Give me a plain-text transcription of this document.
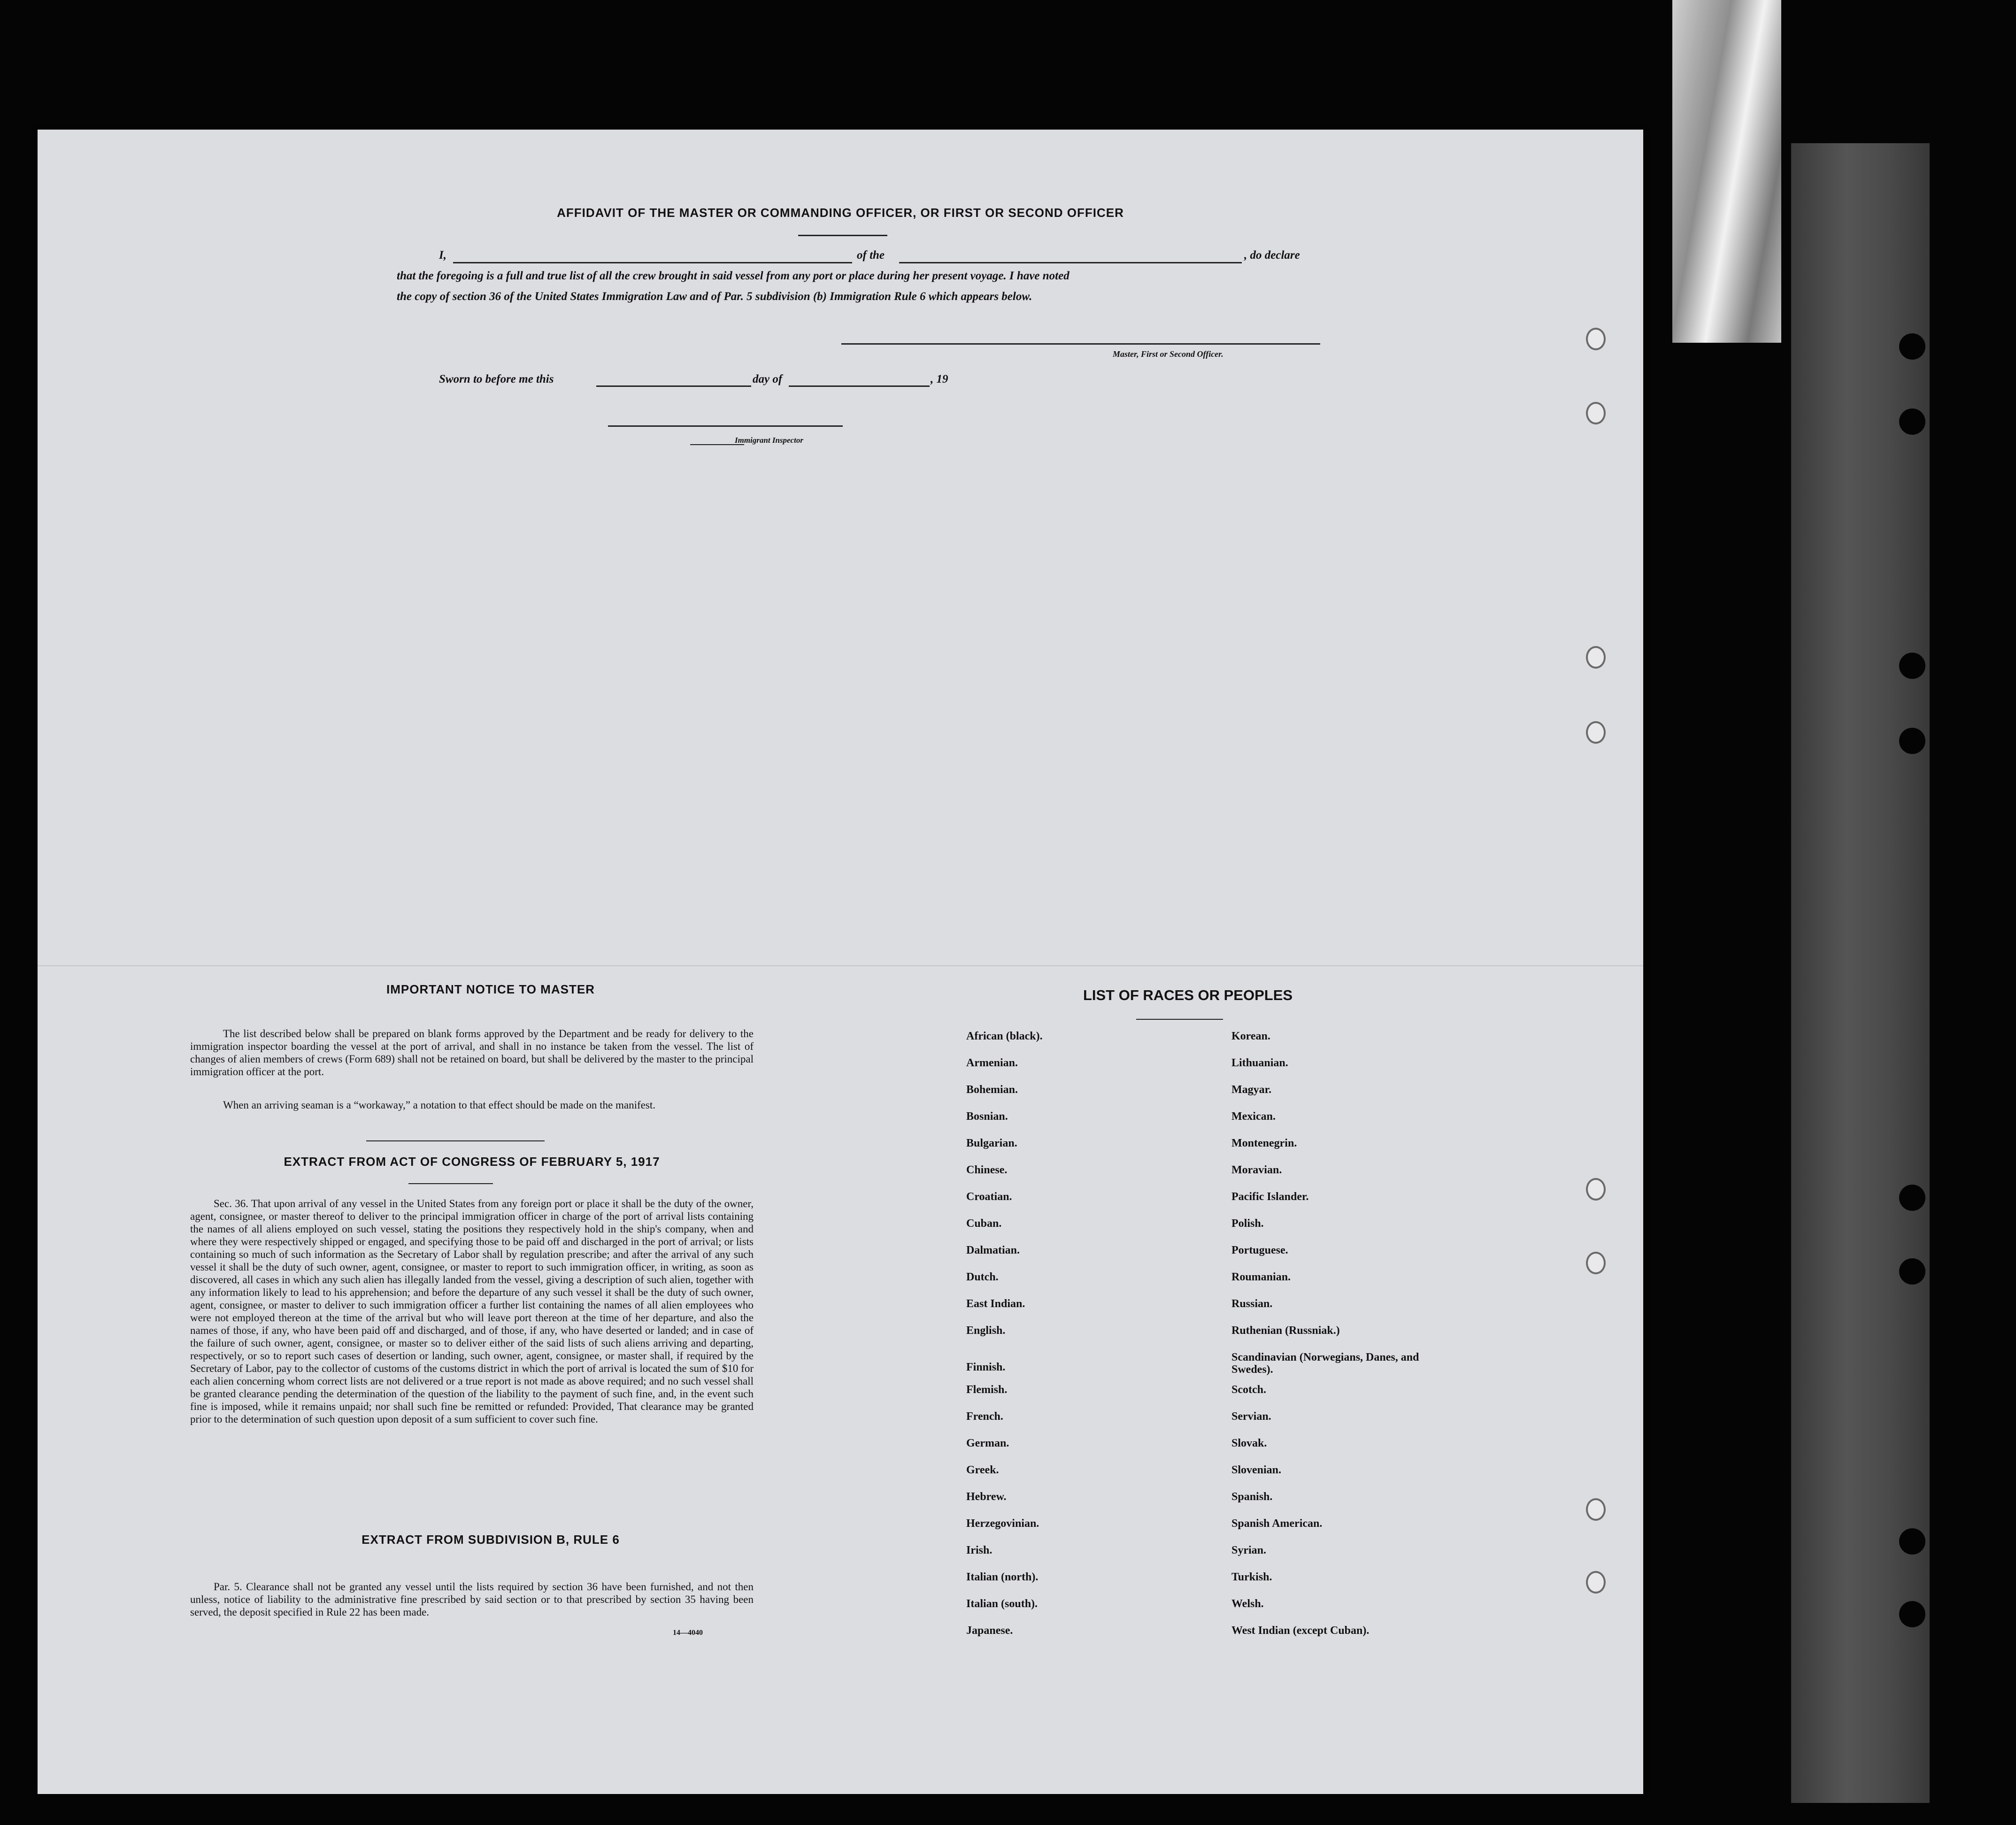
AFFIDAVIT OF THE MASTER OR COMMANDING OFFICER, OR FIRST OR SECOND OFFICER
I,	of the	, do declare
that the foregoing is a full and true list of all the crew brought in said vessel from any port or place during her present voyage. I have noted
the copy of section 36 of the United States Immigration Law and of Par. 5 subdivision (b) Immigration Rule 6 which appears below.
Master, First or Second Officer.
Sworn to before me this	day of	, 19
Immigrant Inspector
IMPORTANT NOTICE TO MASTER
The list described below shall be prepared on blank forms approved by the Department and be ready for delivery to the immigration inspector boarding the vessel at the port of arrival, and shall in no instance be taken from the vessel. The list of changes of alien members of crews (Form 689) shall not be retained on board, but shall be delivered by the master to the principal immigration officer at the port.
When an arriving seaman is a “workaway,” a notation to that effect should be made on the manifest.
EXTRACT FROM ACT OF CONGRESS OF FEBRUARY 5, 1917
Sec. 36. That upon arrival of any vessel in the United States from any foreign port or place it shall be the duty of the owner, agent, consignee, or master thereof to deliver to the principal immigration officer in charge of the port of arrival lists containing the names of all aliens employed on such vessel, stating the positions they respectively hold in the ship's company, when and where they were respectively shipped or engaged, and specifying those to be paid off and discharged in the port of arrival; or lists containing so much of such information as the Secretary of Labor shall by regulation prescribe; and after the arrival of any such vessel it shall be the duty of such owner, agent, consignee, or master to report to such immigration officer, in writing, as soon as discovered, all cases in which any such alien has illegally landed from the vessel, giving a description of such alien, together with any information likely to lead to his apprehension; and before the departure of any such vessel it shall be the duty of such owner, agent, consignee, or master to deliver to such immigration officer a further list containing the names of all alien employees who were not employed thereon at the time of the arrival but who will leave port thereon at the time of her departure, and also the names of those, if any, who have been paid off and discharged, and of those, if any, who have deserted or landed; and in case of the failure of such owner, agent, consignee, or master so to deliver either of the said lists of such aliens arriving and departing, respectively, or so to report such cases of desertion or landing, such owner, agent, consignee, or master shall, if required by the Secretary of Labor, pay to the collector of customs of the customs district in which the port of arrival is located the sum of $10 for each alien concerning whom correct lists are not delivered or a true report is not made as above required; and no such vessel shall be granted clearance pending the determination of the question of the liability to the payment of such fine, and, in the event such fine is imposed, while it remains unpaid; nor shall such fine be remitted or refunded: Provided, That clearance may be granted prior to the determination of such question upon deposit of a sum sufficient to cover such fine.
EXTRACT FROM SUBDIVISION B, RULE 6
Par. 5. Clearance shall not be granted any vessel until the lists required by section 36 have been furnished, and not then unless, notice of liability to the administrative fine prescribed by said section or to that prescribed by section 35 having been served, the deposit specified in Rule 22 has been made.
14—4040
LIST OF RACES OR PEOPLES
African (black).
Armenian.
Bohemian.
Bosnian.
Bulgarian.
Chinese.
Croatian.
Cuban.
Dalmatian.
Dutch.
East Indian.
English.
Finnish.
Flemish.
French.
German.
Greek.
Hebrew.
Herzegovinian.
Irish.
Italian (north).
Italian (south).
Japanese.
Korean.
Lithuanian.
Magyar.
Mexican.
Montenegrin.
Moravian.
Pacific Islander.
Polish.
Portuguese.
Roumanian.
Russian.
Ruthenian (Russniak.)
Scandinavian (Norwegians, Danes, and Swedes).
Scotch.
Servian.
Slovak.
Slovenian.
Spanish.
Spanish American.
Syrian.
Turkish.
Welsh.
West Indian (except Cuban).
